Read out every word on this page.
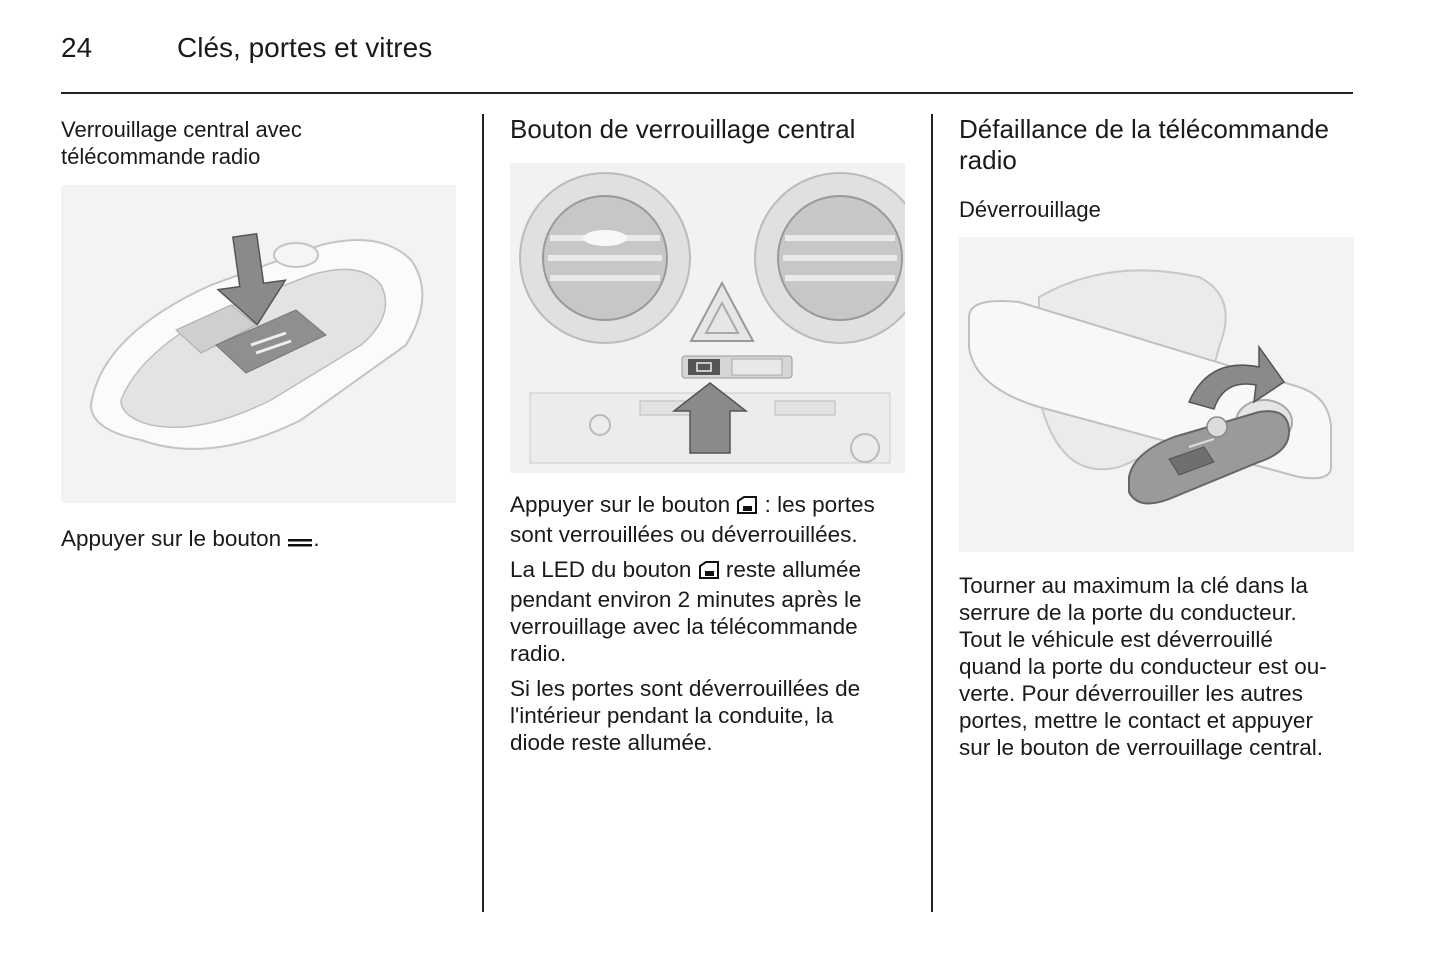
24	Clés, portes et vitres
Verrouillage central avec
télécommande radio
Appuyer sur le bouton .
Bouton de verrouillage central
Appuyer sur le bouton  : les portes
sont verrouillées ou déverrouillées.
La LED du bouton  reste allumée
pendant environ 2 minutes après le
verrouillage avec la télécommande
radio.
Si les portes sont déverrouillées de
l'intérieur pendant la conduite, la
diode reste allumée.
Défaillance de la télécommande
radio
Déverrouillage
Tourner au maximum la clé dans la
serrure de la porte du conducteur.
Tout le véhicule est déverrouillé
quand la porte du conducteur est ou-
verte. Pour déverrouiller les autres
portes, mettre le contact et appuyer
sur le bouton de verrouillage central.
